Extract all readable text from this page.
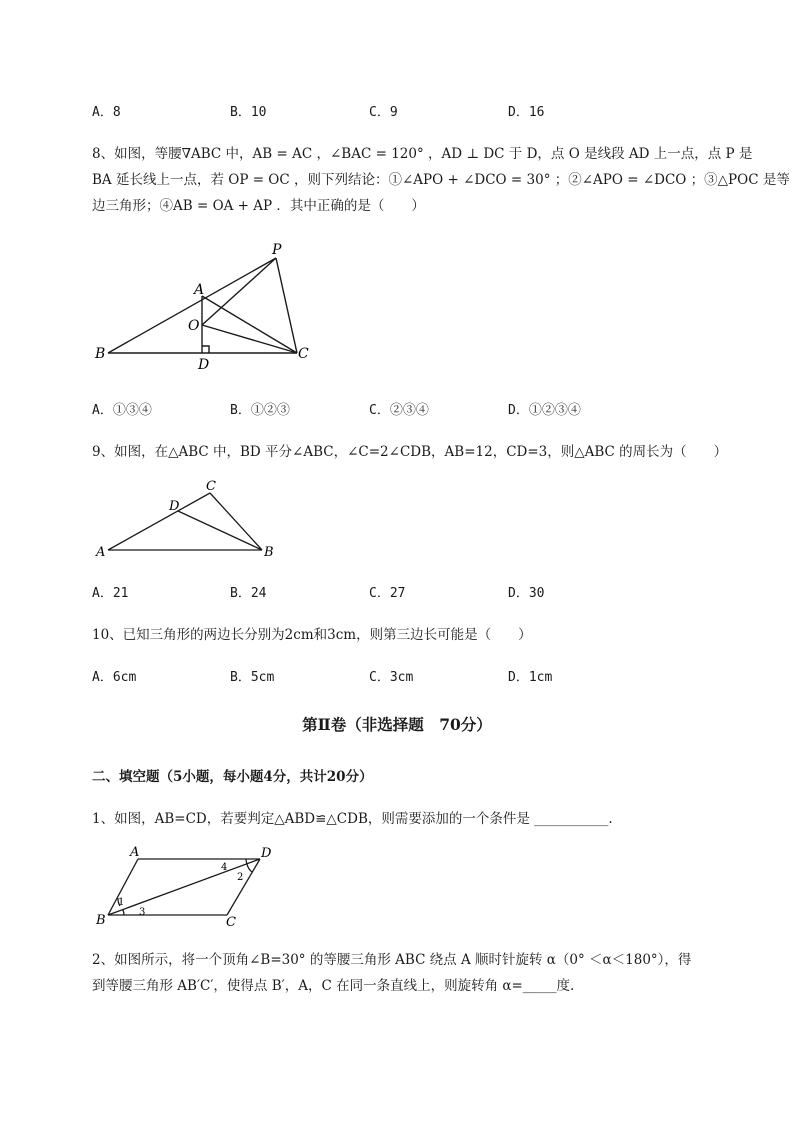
A．8	B．10	C．9	D．16
8、如图，等腰∇ABC 中，AB = AC ，∠BAC = 120° ，AD ⊥ DC 于 D，点 O 是线段 AD 上一点，点 P 是
BA 延长线上一点，若 OP = OC ，则下列结论：①∠APO + ∠DCO = 30° ；②∠APO = ∠DCO ；③△POC 是等
边三角形；④AB = OA + AP ．其中正确的是（　　）
P
A
O
B
D
C
A．①③④	B．①②③	C．②③④	D．①②③④
9、如图，在△ABC 中，BD 平分∠ABC，∠C=2∠CDB，AB=12，CD=3，则△ABC 的周长为（　　）
C
D
A	B
A．21	B．24	C．27	D．30
10、已知三角形的两边长分别为2cm和3cm，则第三边长可能是（　　）
A．6cm	B．5cm	C．3cm	D．1cm
第Ⅱ卷（非选择题　70分）
二、填空题（5小题，每小题4分，共计20分）
1、如图，AB=CD，若要判定△ABD≌△CDB，则需要添加的一个条件是 ___________.
A	D
B	C
1
3
2
4
2、如图所示，将一个顶角∠B=30° 的等腰三角形 ABC 绕点 A 顺时针旋转 α（0° ＜α＜180°），得
到等腰三角形 AB′C′，使得点 B′，A，C 在同一条直线上，则旋转角 α=_____度.
